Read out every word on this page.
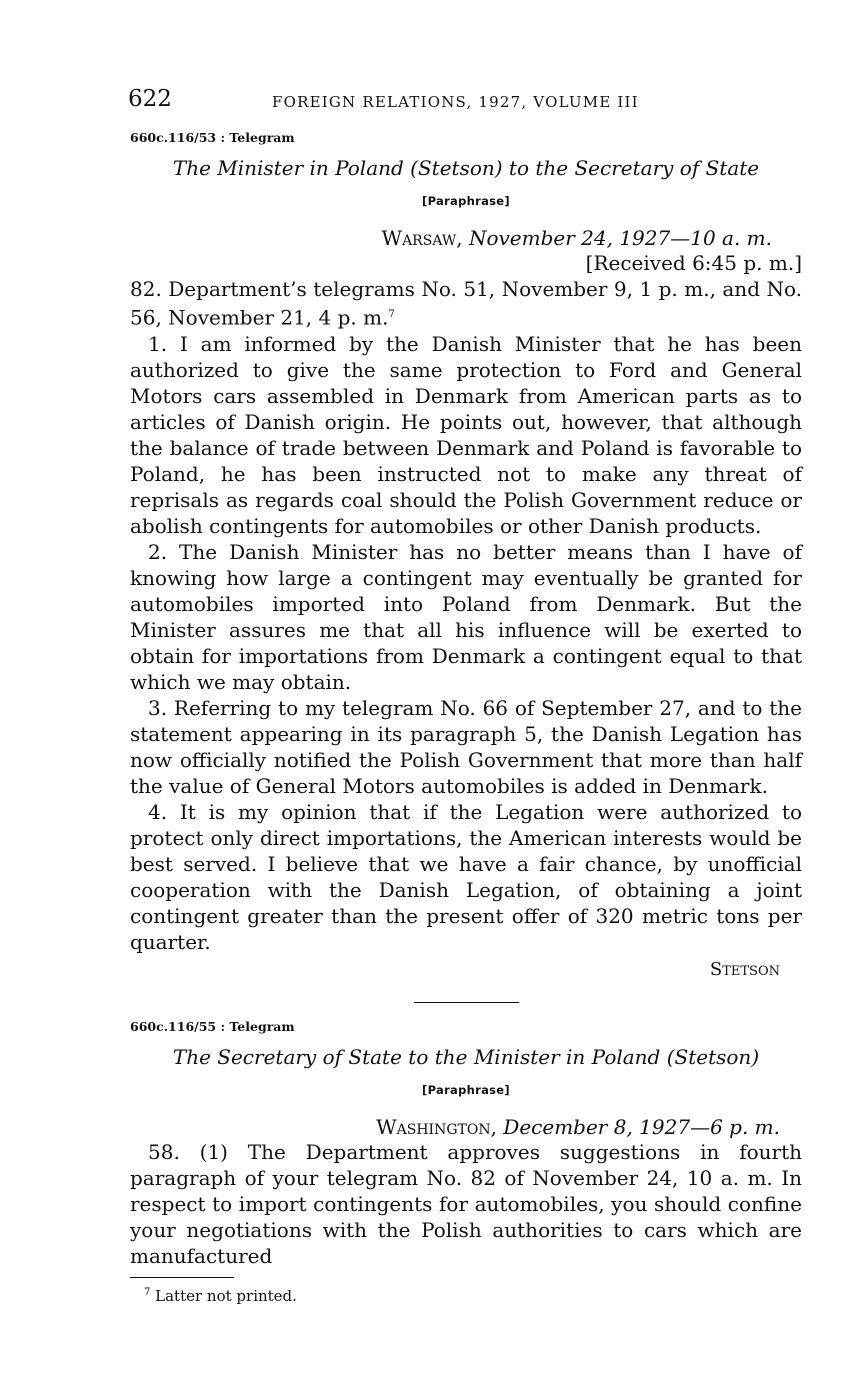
622	FOREIGN RELATIONS, 1927, VOLUME III
660c.116/53 : Telegram
The Minister in Poland (Stetson) to the Secretary of State
[Paraphrase]
Warsaw, November 24, 1927—10 a. m.
[Received 6:45 p. m.]

82. Department’s telegrams No. 51, November 9, 1 p. m., and No. 56, November 21, 4 p. m.$^7$

1. I am informed by the Danish Minister that he has been authorized to give the same protection to Ford and General Motors cars assembled in Denmark from American parts as to articles of Danish origin. He points out, however, that although the balance of trade between Denmark and Poland is favorable to Poland, he has been instructed not to make any threat of reprisals as regards coal should the Polish Government reduce or abolish contingents for automobiles or other Danish products.

2. The Danish Minister has no better means than I have of knowing how large a contingent may eventually be granted for automobiles imported into Poland from Denmark. But the Minister assures me that all his influence will be exerted to obtain for importations from Denmark a contingent equal to that which we may obtain.

3. Referring to my telegram No. 66 of September 27, and to the statement appearing in its paragraph 5, the Danish Legation has now officially notified the Polish Government that more than half the value of General Motors automobiles is added in Denmark.

4. It is my opinion that if the Legation were authorized to protect only direct importations, the American interests would be best served. I believe that we have a fair chance, by unofficial cooperation with the Danish Legation, of obtaining a joint contingent greater than the present offer of 320 metric tons per quarter.

Stetson
660c.116/55 : Telegram
The Secretary of State to the Minister in Poland (Stetson)
[Paraphrase]
Washington, December 8, 1927—6 p. m.

58. (1) The Department approves suggestions in fourth paragraph of your telegram No. 82 of November 24, 10 a. m. In respect to import contingents for automobiles, you should confine your negotiations with the Polish authorities to cars which are manufactured

$^7$ Latter not printed.
